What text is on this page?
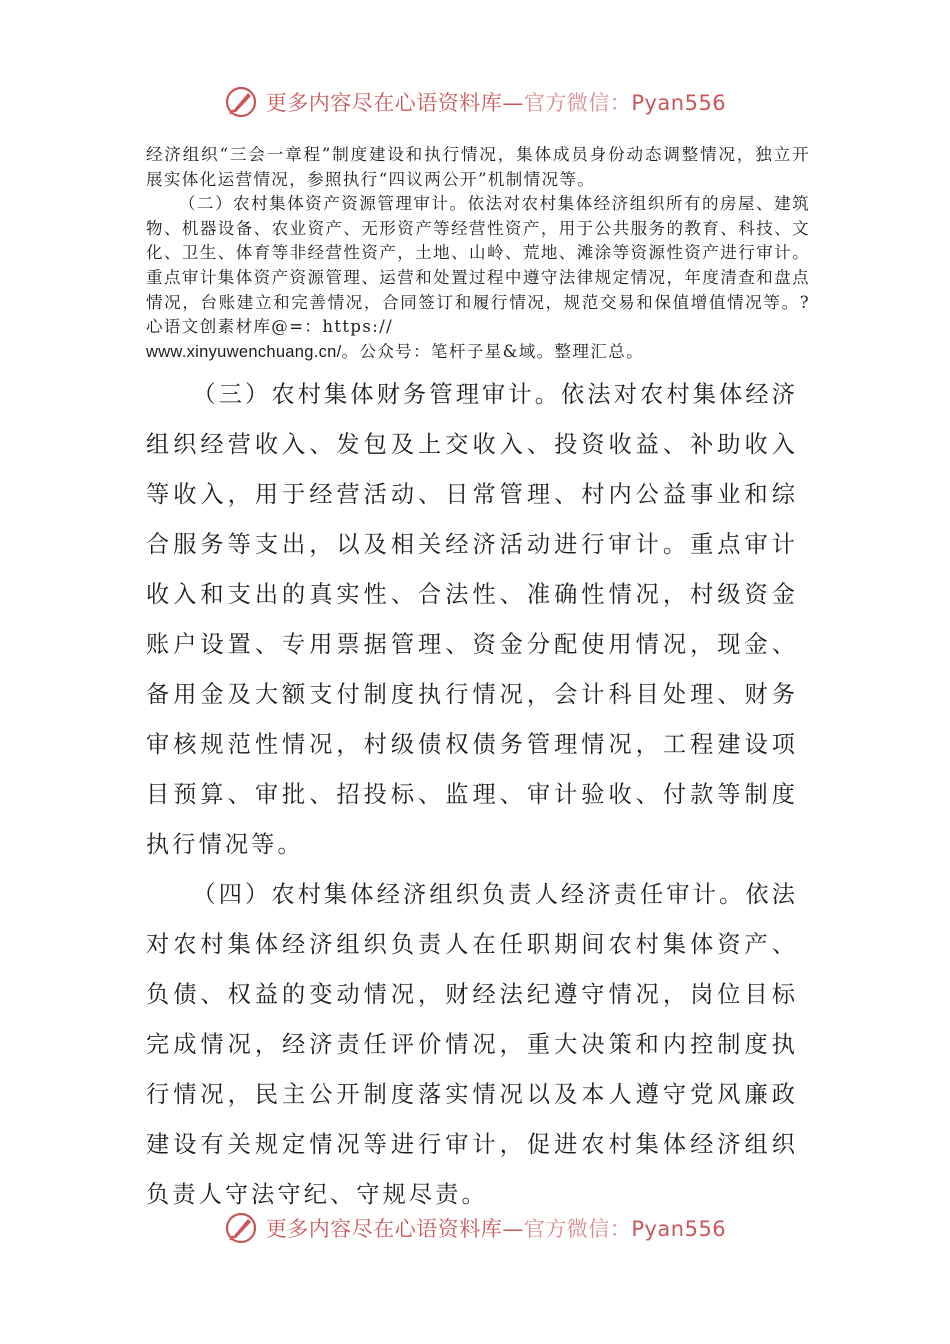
更多内容尽在心语资料库—官方微信：Pyan556

经济组织“三会一章程”制度建设和执行情况，集体成员身份动态调整情况，独立开展实体化运营情况，参照执行“四议两公开”机制情况等。

（二）农村集体资产资源管理审计。依法对农村集体经济组织所有的房屋、建筑物、机器设备、农业资产、无形资产等经营性资产，用于公共服务的教育、科技、文化、卫生、体育等非经营性资产，土地、山岭、荒地、滩涂等资源性资产进行审计。重点审计集体资产资源管理、运营和处置过程中遵守法律规定情况，年度清查和盘点情况，台账建立和完善情况，合同签订和履行情况，规范交易和保值增值情况等。?心语文创素材库@=：https://

www.xinyuwenchuang.cn/。公众号：笔杆子星&域。整理汇总。

（三）农村集体财务管理审计。依法对农村集体经济组织经营收入、发包及上交收入、投资收益、补助收入等收入，用于经营活动、日常管理、村内公益事业和综合服务等支出，以及相关经济活动进行审计。重点审计收入和支出的真实性、合法性、准确性情况，村级资金账户设置、专用票据管理、资金分配使用情况，现金、备用金及大额支付制度执行情况，会计科目处理、财务审核规范性情况，村级债权债务管理情况，工程建设项目预算、审批、招投标、监理、审计验收、付款等制度执行情况等。

（四）农村集体经济组织负责人经济责任审计。依法对农村集体经济组织负责人在任职期间农村集体资产、负债、权益的变动情况，财经法纪遵守情况，岗位目标完成情况，经济责任评价情况，重大决策和内控制度执行情况，民主公开制度落实情况以及本人遵守党风廉政建设有关规定情况等进行审计，促进农村集体经济组织负责人守法守纪、守规尽责。

更多内容尽在心语资料库—官方微信：Pyan556
